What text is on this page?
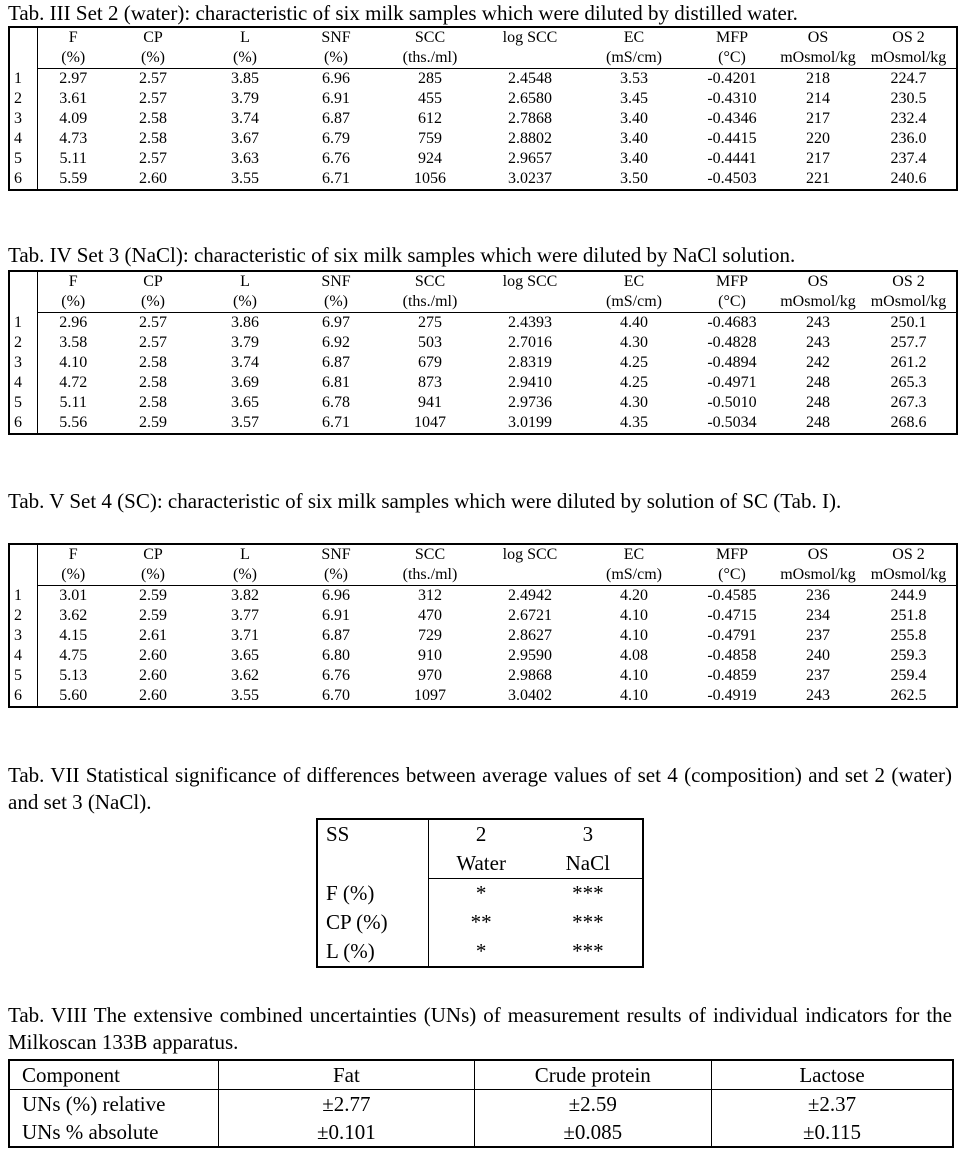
Tab. III Set 2 (water): characteristic of six milk samples which were diluted by distilled water.
	F	CP	L	SNF	SCC	log SCC	EC	MFP	OS	OS 2
	(%)	(%)	(%)	(%)	(ths./ml)		(mS/cm)	(°C)	mOsmol/kg	mOsmol/kg
1	2.97	2.57	3.85	6.96	285	2.4548	3.53	-0.4201	218	224.7
2	3.61	2.57	3.79	6.91	455	2.6580	3.45	-0.4310	214	230.5
3	4.09	2.58	3.74	6.87	612	2.7868	3.40	-0.4346	217	232.4
4	4.73	2.58	3.67	6.79	759	2.8802	3.40	-0.4415	220	236.0
5	5.11	2.57	3.63	6.76	924	2.9657	3.40	-0.4441	217	237.4
6	5.59	2.60	3.55	6.71	1056	3.0237	3.50	-0.4503	221	240.6
Tab. IV Set 3 (NaCl): characteristic of six milk samples which were diluted by NaCl solution.
	F	CP	L	SNF	SCC	log SCC	EC	MFP	OS	OS 2
	(%)	(%)	(%)	(%)	(ths./ml)		(mS/cm)	(°C)	mOsmol/kg	mOsmol/kg
1	2.96	2.57	3.86	6.97	275	2.4393	4.40	-0.4683	243	250.1
2	3.58	2.57	3.79	6.92	503	2.7016	4.30	-0.4828	243	257.7
3	4.10	2.58	3.74	6.87	679	2.8319	4.25	-0.4894	242	261.2
4	4.72	2.58	3.69	6.81	873	2.9410	4.25	-0.4971	248	265.3
5	5.11	2.58	3.65	6.78	941	2.9736	4.30	-0.5010	248	267.3
6	5.56	2.59	3.57	6.71	1047	3.0199	4.35	-0.5034	248	268.6
Tab. V Set 4 (SC): characteristic of six milk samples which were diluted by solution of SC (Tab. I).
	F	CP	L	SNF	SCC	log SCC	EC	MFP	OS	OS 2
	(%)	(%)	(%)	(%)	(ths./ml)		(mS/cm)	(°C)	mOsmol/kg	mOsmol/kg
1	3.01	2.59	3.82	6.96	312	2.4942	4.20	-0.4585	236	244.9
2	3.62	2.59	3.77	6.91	470	2.6721	4.10	-0.4715	234	251.8
3	4.15	2.61	3.71	6.87	729	2.8627	4.10	-0.4791	237	255.8
4	4.75	2.60	3.65	6.80	910	2.9590	4.08	-0.4858	240	259.3
5	5.13	2.60	3.62	6.76	970	2.9868	4.10	-0.4859	237	259.4
6	5.60	2.60	3.55	6.70	1097	3.0402	4.10	-0.4919	243	262.5
Tab. VII Statistical significance of differences between average values of set 4 (composition) and set 2 (water) and set 3 (NaCl).
SS	2	3
	Water	NaCl
F (%)	*	***
CP (%)	**	***
L (%)	*	***
Tab. VIII The extensive combined uncertainties (UNs) of measurement results of individual indicators for the Milkoscan 133B apparatus.
Component	Fat	Crude protein	Lactose
UNs (%) relative	±2.77	±2.59	±2.37
UNs % absolute	±0.101	±0.085	±0.115
